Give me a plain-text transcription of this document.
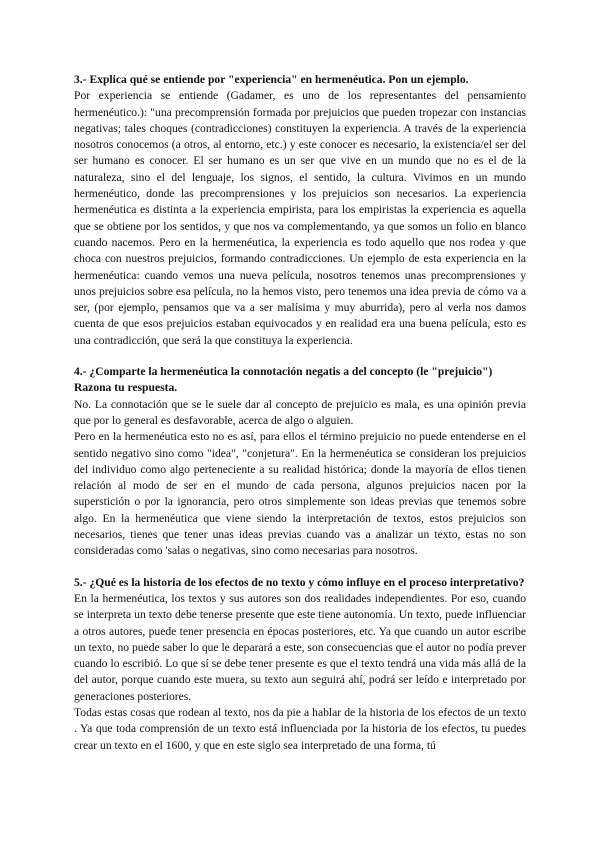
3.- Explica qué se entiende por "experiencia" en hermenéutica. Pon un ejemplo.

Por experiencia se entiende (Gadamer, es uno de los representantes del pensamiento hermenéutico.): "una precomprensión formada por prejuicios que pueden tropezar con instancias negativas; tales choques (contradicciones) constituyen la experiencia. A través de la experiencia nosotros conocemos (a otros, al entorno, etc.) y este conocer es necesario, la existencia/el ser del ser humano es conocer. El ser humano es un ser que vive en un mundo que no es el de la naturaleza, sino el del lenguaje, los signos, el sentido, la cultura. Vivimos en un mundo hermenéutico, donde las precomprensiones y los prejuicios son necesarios. La experiencia hermenéutica es distinta a la experiencia empirista, para los empiristas la experiencia es aquella que se obtiene por los sentidos, y que nos va complementando, ya que somos un folio en blanco cuando nacemos. Pero en la hermenéutica, la experiencia es todo aquello que nos rodea y que choca con nuestros prejuicios, formando contradicciones. Un ejemplo de esta experiencia en la hermenéutica: cuando vemos una nueva película, nosotros tenemos unas precomprensiones y unos prejuicios sobre esa película, no la hemos visto, pero tenemos una idea previa de cómo va a ser, (por ejemplo, pensamos que va a ser malísima y muy aburrida), pero al verla nos damos cuenta de que esos prejuicios estaban equivocados y en realidad era una buena película, esto es una contradicción, que será la que constituya la experiencia.

4.- ¿Comparte la hermenéutica la connotación negatis a del concepto (le "prejuicio") Razona tu respuesta.

No. La connotación que se le suele dar al concepto de prejuicio es mala, es una opinión previa que por lo general es desfavorable, acerca de algo o alguien.

Pero en la hermenéutica esto no es así, para ellos el término prejuicio no puede entenderse en el sentido negativo sino como "idea", "conjetura". En la hermenéutica se consideran los prejuicios del individuo como algo perteneciente a su realidad histórica; donde la mayoría de ellos tienen relación al modo de ser en el mundo de cada persona, algunos prejuicios nacen por la superstición o por la ignorancia, pero otros simplemente son ideas previas que tenemos sobre algo. En la hermenéutica que viene siendo la interpretación de textos, estos prejuicios son necesarios, tienes que tener unas ideas previas cuando vas a analizar un texto, estas no son consideradas como 'salas o negativas, sino como necesarias para nosotros.

5.- ¿Qué es la historia de los efectos de no texto y cómo influye en el proceso interpretativo?

En la hermenéutica, los textos y sus autores son dos realidades independientes. Por eso, cuando se interpreta un texto debe tenerse presente que este tiene autonomía. Un texto, puede influenciar a otros autores, puede tener presencia en épocas posteriores, etc. Ya que cuando un autor escribe un texto, no puede saber lo que le deparará a este, son consecuencias que el autor no podía prever cuando lo escribió. Lo que sí se debe tener presente es que el texto tendrá una vida más allá de la del autor, porque cuando este muera, su texto aun seguirá ahí, podrá ser leído e interpretado por generaciones posteriores.

Todas estas cosas que rodean al texto, nos da pie a hablar de la historia de los efectos de un texto . Ya que toda comprensión de un texto está influenciada por la historia de los efectos, tu puedes crear un texto en el 1600, y que en este siglo sea interpretado de una forma, tú
